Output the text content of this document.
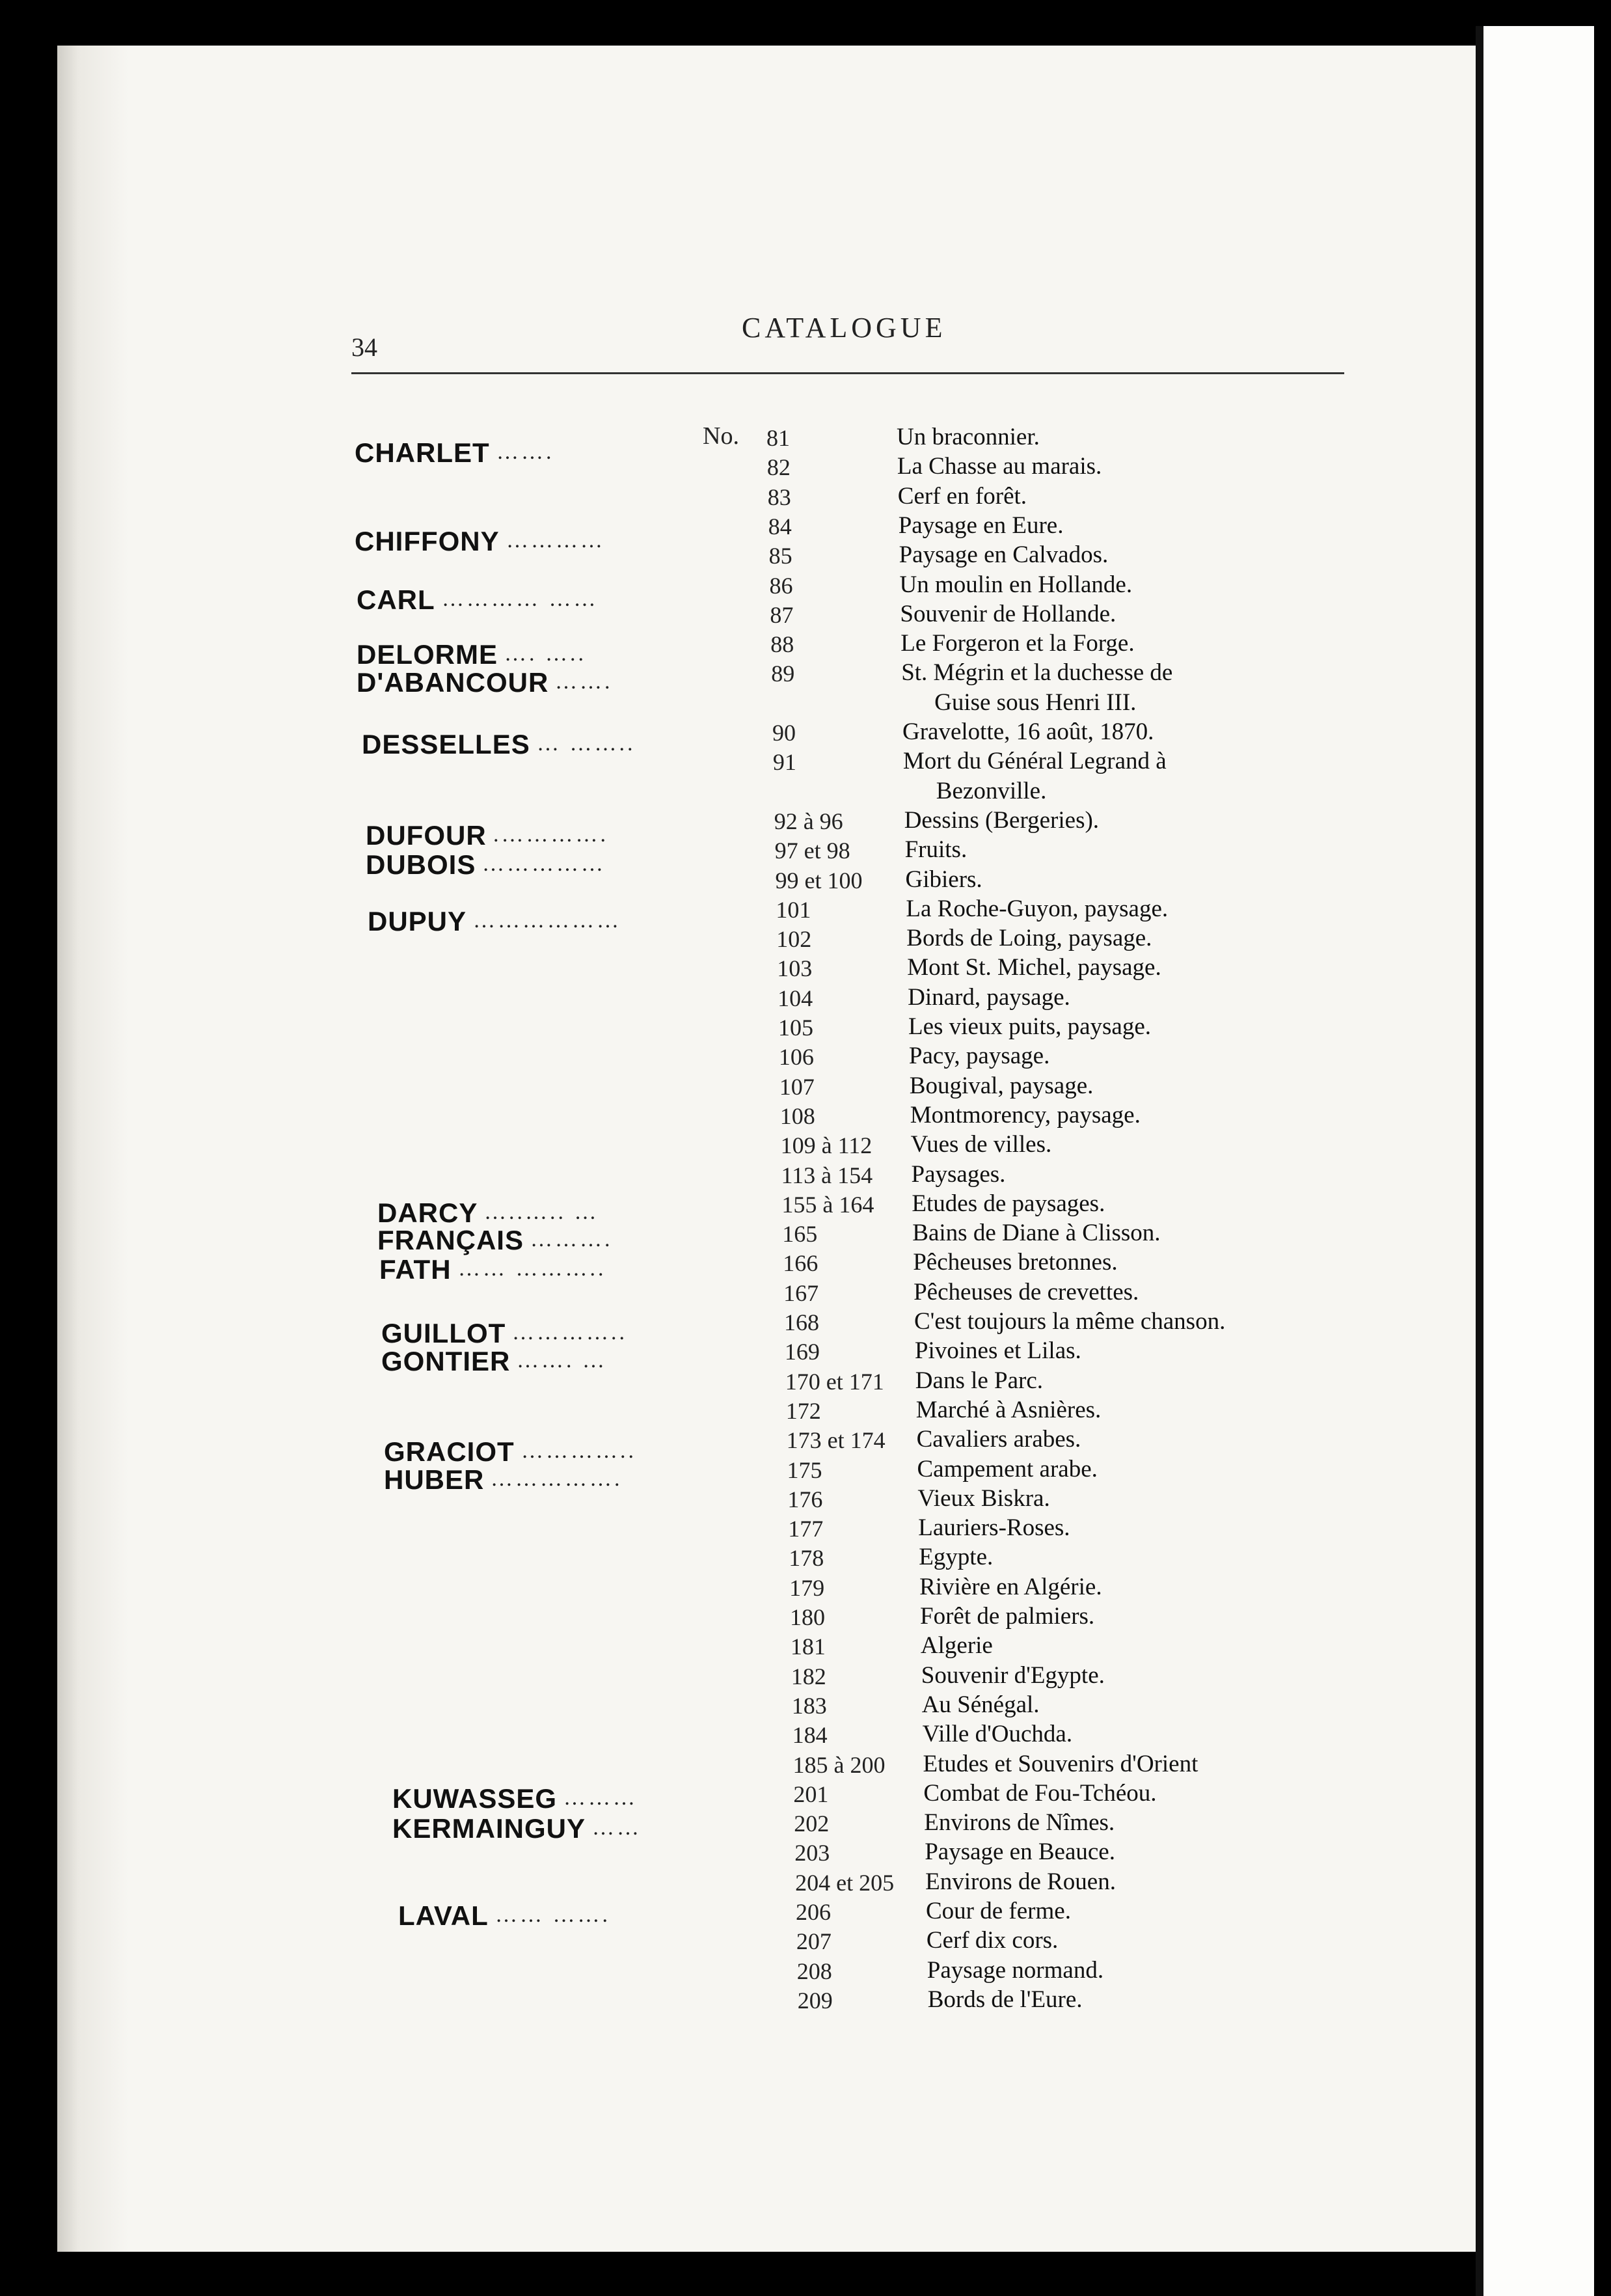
34
CATALOGUE
No.
CHARLET …….
CHIFFONY …………
CARL ………… ……
DELORME …. …..
D'ABANCOUR …….
DESSELLES … ……..
DUFOUR .………….
DUBOIS ……………
DUPUY ………………
DARCY …..….. …
FRANÇAIS ……….
FATH …… ………..
GUILLOT …………..
GONTIER ……. …
GRACIOT …………..
HUBER …………….
KUWASSEG ………
KERMAINGUY ……
LAVAL …… …….
81	Un braconnier.
82	La Chasse au marais.
83	Cerf en forêt.
84	Paysage en Eure.
85	Paysage en Calvados.
86	Un moulin en Hollande.
87	Souvenir de Hollande.
88	Le Forgeron et la Forge.
89	St. Mégrin et la duchesse de
Guise sous Henri III.
90	Gravelotte, 16 août, 1870.
91	Mort du Général Legrand à
Bezonville.
92 à 96	Dessins (Bergeries).
97 et 98 Fruits.
99 et 100 Gibiers.
101	La Roche-Guyon, paysage.
102	Bords de Loing, paysage.
103	Mont St. Michel, paysage.
104	Dinard, paysage.
105	Les vieux puits, paysage.
106	Pacy, paysage.
107	Bougival, paysage.
108	Montmorency, paysage.
109 à 112 Vues de villes.
113 à 154 Paysages.
155 à 164 Etudes de paysages.
165	Bains de Diane à Clisson.
166	Pêcheuses bretonnes.
167	Pêcheuses de crevettes.
168	C'est toujours la même chanson.
169	Pivoines et Lilas.
170 et 171 Dans le Parc.
172	Marché à Asnières.
173 et 174 Cavaliers arabes.
175	Campement arabe.
176	Vieux Biskra.
177	Lauriers-Roses.
178	Egypte.
179	Rivière en Algérie.
180	Forêt de palmiers.
181	Algerie
182	Souvenir d'Egypte.
183	Au Sénégal.
184	Ville d'Ouchda.
185 à 200 Etudes et Souvenirs d'Orient
201	Combat de Fou-Tchéou.
202	Environs de Nîmes.
203	Paysage en Beauce.
204 et 205 Environs de Rouen.
206	Cour de ferme.
207	Cerf dix cors.
208	Paysage normand.
209	Bords de l'Eure.
